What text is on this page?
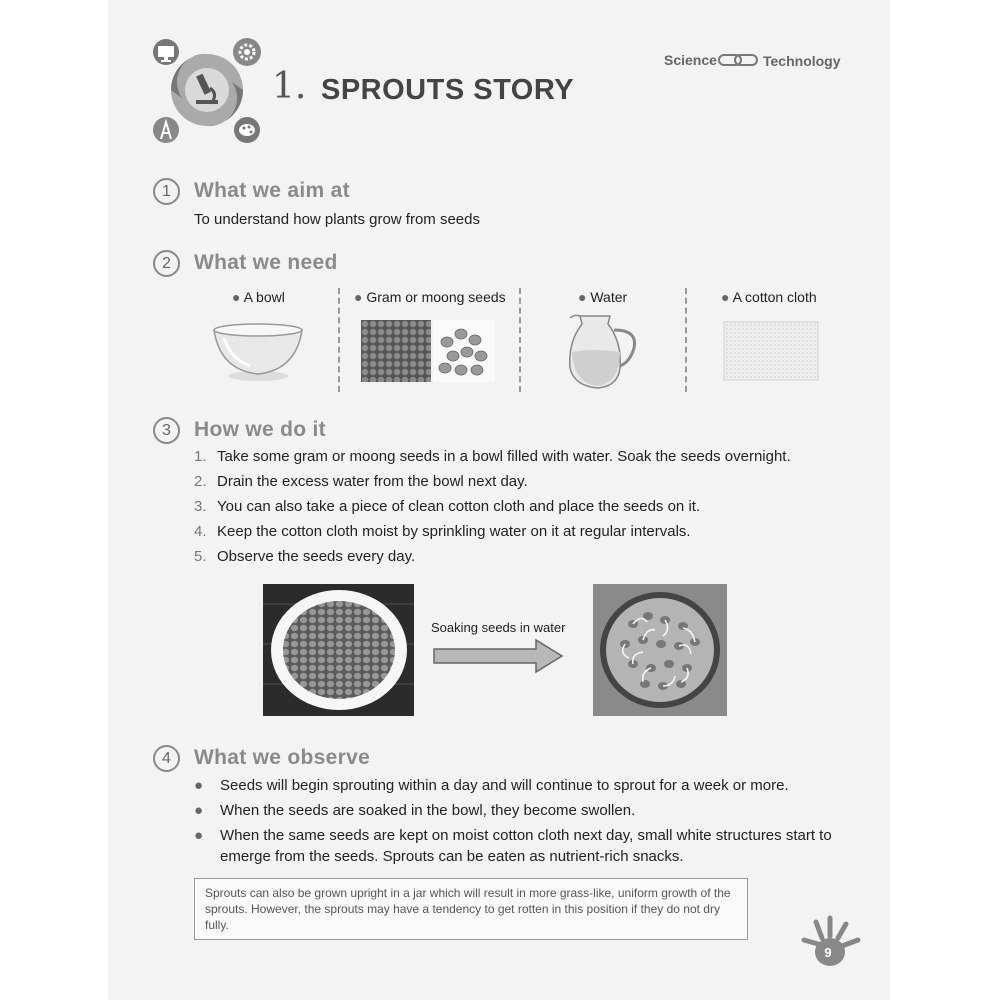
1. SPROUTS STORY
Science	Technology
1	What we aim at
To understand how plants grow from seeds
2	What we need
● A bowl	● Gram or moong seeds	● Water	● A cotton cloth
3	How we do it
1. Take some gram or moong seeds in a bowl filled with water. Soak the seeds overnight.
2. Drain the excess water from the bowl next day.
3. You can also take a piece of clean cotton cloth and place the seeds on it.
4. Keep the cotton cloth moist by sprinkling water on it at regular intervals.
5. Observe the seeds every day.
Soaking seeds in water
4	What we observe
● Seeds will begin sprouting within a day and will continue to sprout for a week or more.
● When the seeds are soaked in the bowl, they become swollen.
● When the same seeds are kept on moist cotton cloth next day, small white structures start to emerge from the seeds. Sprouts can be eaten as nutrient-rich snacks.
Sprouts can also be grown upright in a jar which will result in more grass-like, uniform growth of the sprouts. However, the sprouts may have a tendency to get rotten in this position if they do not dry fully.
9
